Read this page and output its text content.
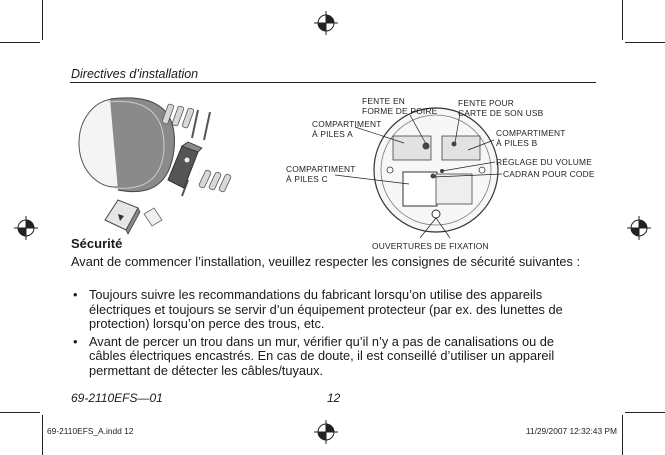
Directives d’installation
FENTE EN
FORME DE POIRE
FENTE POUR
CARTE DE SON USB
COMPARTIMENT
À PILES A	COMPARTIMENT
À PILES B
RÉGLAGE DU VOLUME
CADRAN POUR CODE
COMPARTIMENT
À PILES C
OUVERTURES DE FIXATION
Sécurité
Avant de commencer l’installation, veuillez respecter les consignes de sécurité suivantes :
• Toujours suivre les recommandations du fabricant lorsqu’on utilise des appareils électriques et toujours se servir d’un équipement protecteur (par ex. des lunettes de protection) lorsqu’on perce des trous, etc.
• Avant de percer un trou dans un mur, vérifier qu’il n’y a pas de canalisations ou de câbles électriques encastrés. En cas de doute, il est conseillé d’utiliser un appareil permettant de détecter les câbles/tuyaux.
69-2110EFS—01	12
69-2110EFS_A.indd 12	11/29/2007 12:32:43 PM
